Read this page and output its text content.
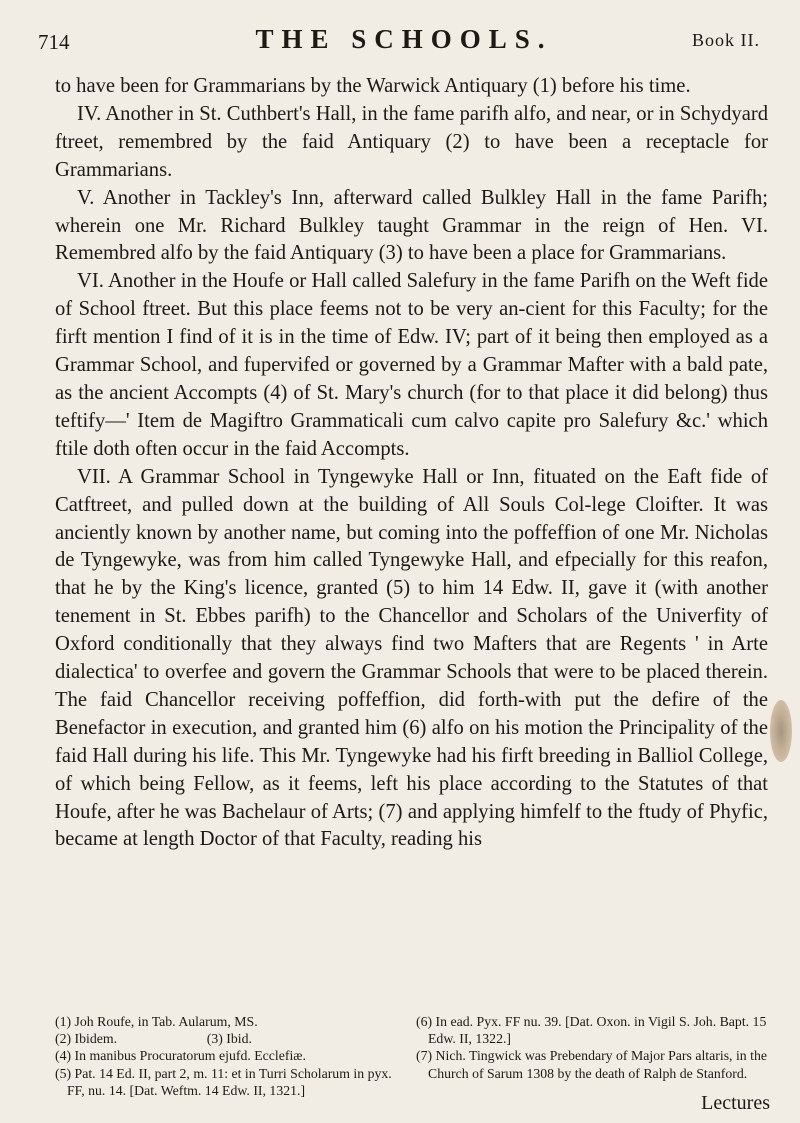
714	THE SCHOOLS.	Book II.

to have been for Grammarians by the Warwick Antiquary (1) before his time.

IV. Another in St. Cuthbert's Hall, in the fame parifh alfo, and near, or in Schydyard ftreet, remembred by the faid Antiquary (2) to have been a receptacle for Grammarians.

V. Another in Tackley's Inn, afterward called Bulkley Hall in the fame Parifh; wherein one Mr. Richard Bulkley taught Grammar in the reign of Hen. VI. Remembred alfo by the faid Antiquary (3) to have been a place for Grammarians.

VI. Another in the Houfe or Hall called Salefury in the fame Parifh on the Weft fide of School ftreet. But this place feems not to be very an-cient for this Faculty; for the firft mention I find of it is in the time of Edw. IV; part of it being then employed as a Grammar School, and fupervifed or governed by a Grammar Mafter with a bald pate, as the ancient Accompts (4) of St. Mary's church (for to that place it did belong) thus teftify—' Item de Magiftro Grammaticali cum calvo capite pro Salefury &c.' which ftile doth often occur in the faid Accompts.

VII. A Grammar School in Tyngewyke Hall or Inn, fituated on the Eaft fide of Catftreet, and pulled down at the building of All Souls Col-lege Cloifter. It was anciently known by another name, but coming into the poffeffion of one Mr. Nicholas de Tyngewyke, was from him called Tyngewyke Hall, and efpecially for this reafon, that he by the King's licence, granted (5) to him 14 Edw. II, gave it (with another tenement in St. Ebbes parifh) to the Chancellor and Scholars of the Univerfity of Oxford conditionally that they always find two Mafters that are Regents ' in Arte dialectica' to overfee and govern the Grammar Schools that were to be placed therein. The faid Chancellor receiving poffeffion, did forth-with put the defire of the Benefactor in execution, and granted him (6) alfo on his motion the Principality of the faid Hall during his life. This Mr. Tyngewyke had his firft breeding in Balliol College, of which being Fellow, as it feems, left his place according to the Statutes of that Houfe, after he was Bachelaur of Arts; (7) and applying himfelf to the ftudy of Phyfic, became at length Doctor of that Faculty, reading his

(1) Joh Roufe, in Tab. Aularum, MS.

(2) Ibidem.                          (3) Ibid.

(4) In manibus Procuratorum ejufd. Ecclefiæ.

(5) Pat. 14 Ed. II, part 2, m. 11: et in Turri Scholarum in pyx. FF, nu. 14. [Dat. Weftm. 14 Edw. II, 1321.]

(6) In ead. Pyx. FF nu. 39. [Dat. Oxon. in Vigil S. Joh. Bapt. 15 Edw. II, 1322.]

(7) Nich. Tingwick was Prebendary of Major Pars altaris, in the Church of Sarum 1308 by the death of Ralph de Stanford.

Lectures
